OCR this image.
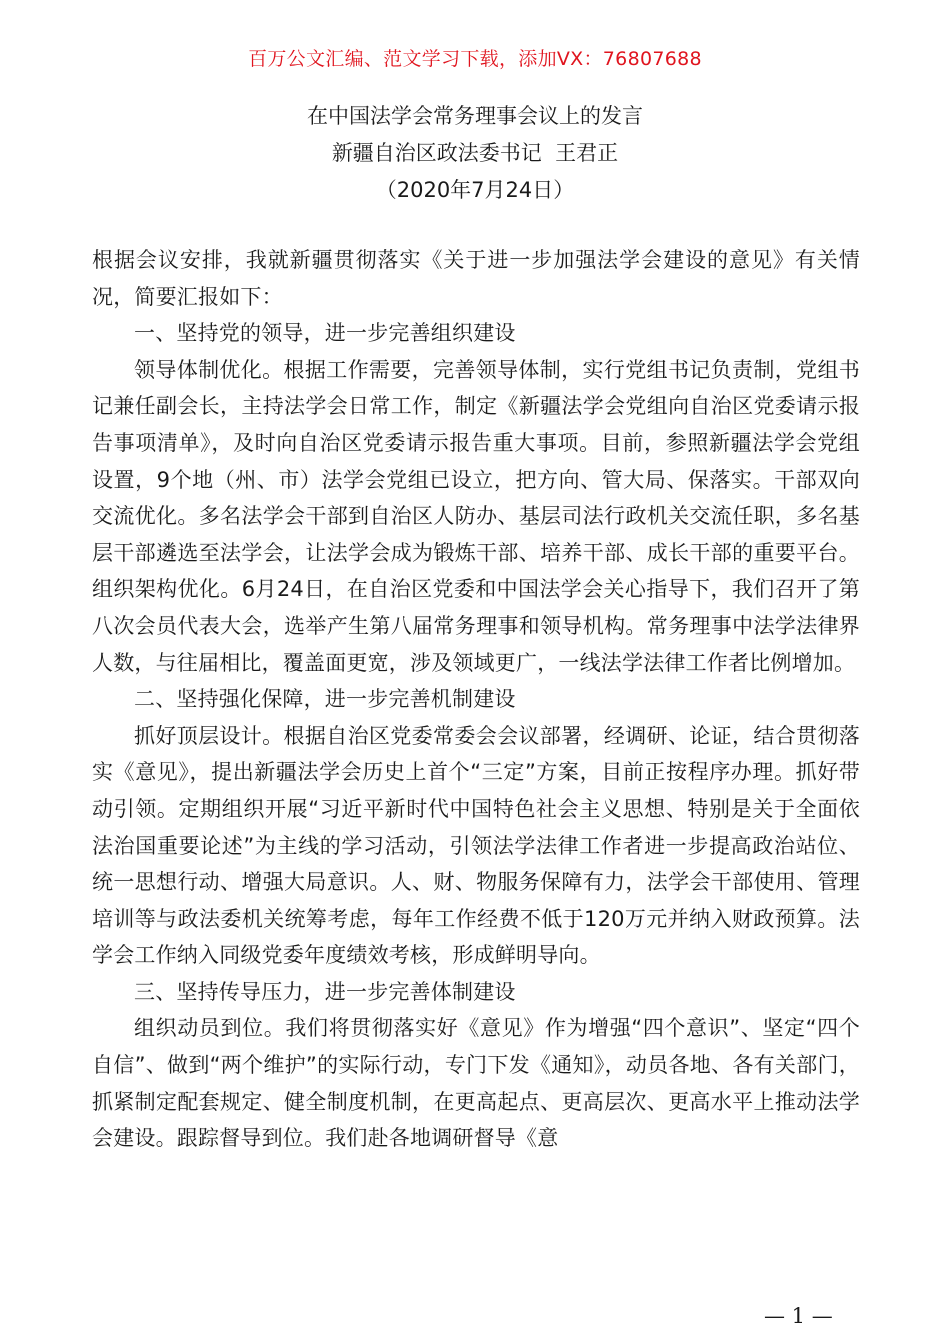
百万公文汇编、范文学习下载，添加VX：76807688
在中国法学会常务理事会议上的发言
新疆自治区政法委书记  王君正
（2020年7月24日）

根据会议安排，我就新疆贯彻落实《关于进一步加强法学会建设的意见》有关情况，简要汇报如下：

一、坚持党的领导，进一步完善组织建设

领导体制优化。根据工作需要，完善领导体制，实行党组书记负责制，党组书记兼任副会长，主持法学会日常工作，制定《新疆法学会党组向自治区党委请示报告事项清单》，及时向自治区党委请示报告重大事项。目前，参照新疆法学会党组设置，9个地（州、市）法学会党组已设立，把方向、管大局、保落实。干部双向交流优化。多名法学会干部到自治区人防办、基层司法行政机关交流任职，多名基层干部遴选至法学会，让法学会成为锻炼干部、培养干部、成长干部的重要平台。组织架构优化。6月24日，在自治区党委和中国法学会关心指导下，我们召开了第八次会员代表大会，选举产生第八届常务理事和领导机构。常务理事中法学法律界人数，与往届相比，覆盖面更宽，涉及领域更广，一线法学法律工作者比例增加。

二、坚持强化保障，进一步完善机制建设

抓好顶层设计。根据自治区党委常委会会议部署，经调研、论证，结合贯彻落实《意见》，提出新疆法学会历史上首个“三定”方案，目前正按程序办理。抓好带动引领。定期组织开展“习近平新时代中国特色社会主义思想、特别是关于全面依法治国重要论述”为主线的学习活动，引领法学法律工作者进一步提高政治站位、统一思想行动、增强大局意识。人、财、物服务保障有力，法学会干部使用、管理培训等与政法委机关统筹考虑，每年工作经费不低于120万元并纳入财政预算。法学会工作纳入同级党委年度绩效考核，形成鲜明导向。

三、坚持传导压力，进一步完善体制建设

组织动员到位。我们将贯彻落实好《意见》作为增强“四个意识”、坚定“四个自信”、做到“两个维护”的实际行动，专门下发《通知》，动员各地、各有关部门，抓紧制定配套规定、健全制度机制，在更高起点、更高层次、更高水平上推动法学会建设。跟踪督导到位。我们赴各地调研督导《意

— 1 —
